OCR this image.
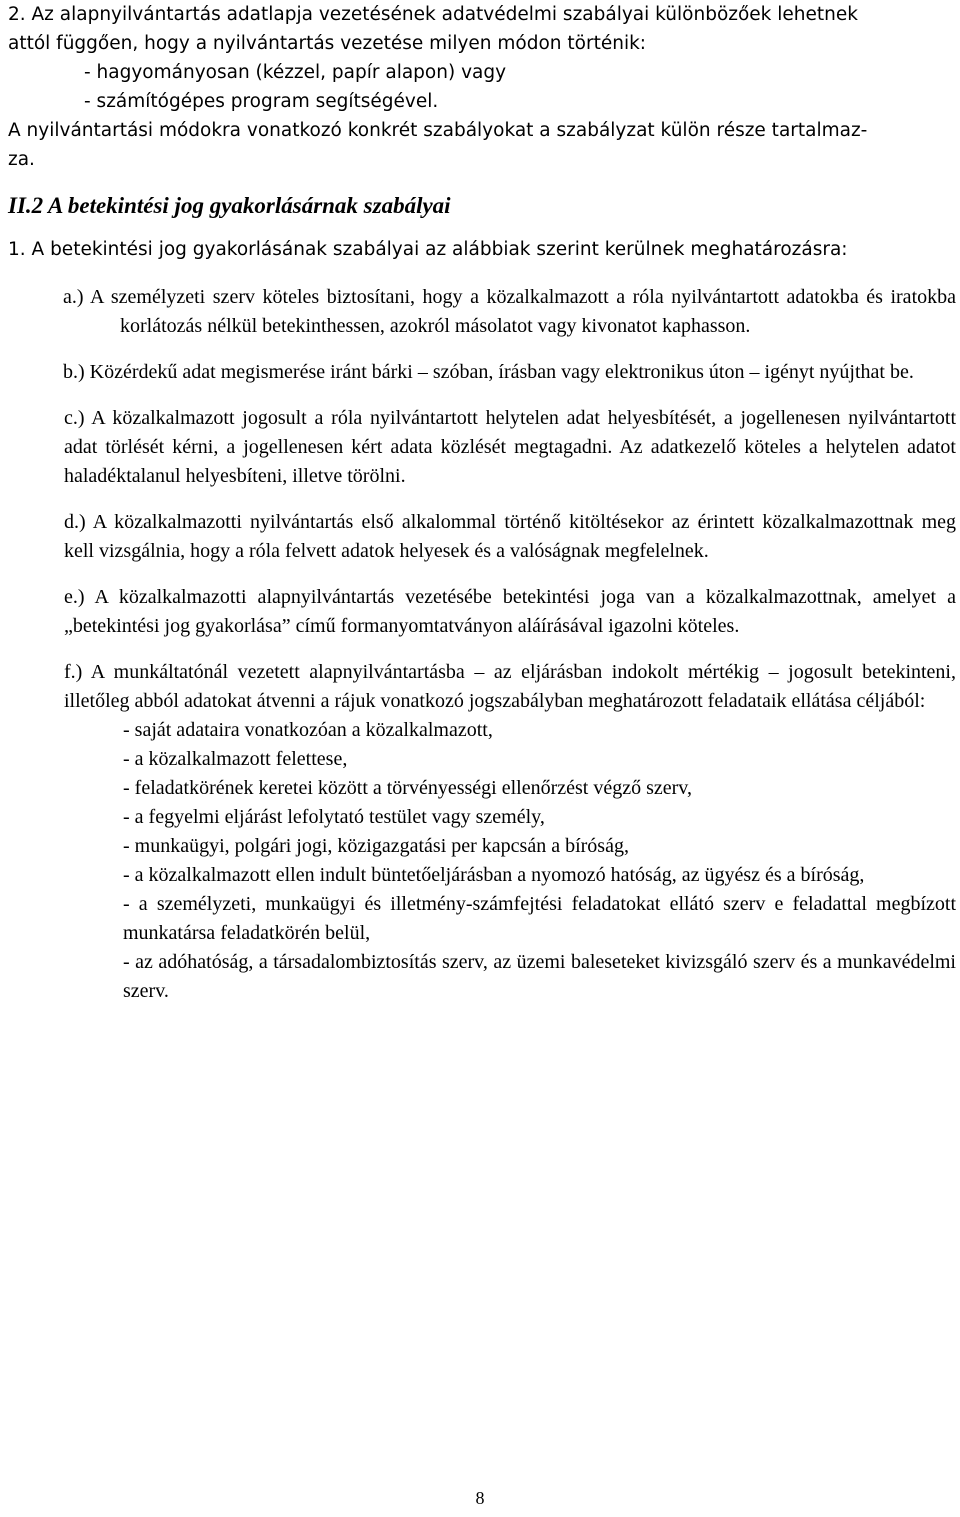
2. Az alapnyilvántartás adatlapja vezetésének adatvédelmi szabályai különbözőek lehetnek
attól függően, hogy a nyilvántartás vezetése milyen módon történik:
- hagyományosan (kézzel, papír alapon) vagy
- számítógépes program segítségével.
A nyilvántartási módokra vonatkozó konkrét szabályokat a szabályzat külön része tartalmaz-
za.
II.2 A betekintési jog gyakorlásárnak szabályai
1. A betekintési jog gyakorlásának szabályai az alábbiak szerint kerülnek meghatározásra:

a.) A személyzeti szerv köteles biztosítani, hogy a közalkalmazott a róla nyilvántartott adatokba és iratokba korlátozás nélkül betekinthessen, azokról másolatot vagy kivonatot kaphasson.

b.) Közérdekű adat megismerése iránt bárki – szóban, írásban vagy elektronikus úton – igényt nyújthat be.

c.) A közalkalmazott jogosult a róla nyilvántartott helytelen adat helyesbítését, a jogellenesen nyilvántartott adat törlését kérni, a jogellenesen kért adata közlését megtagadni. Az adatkezelő köteles a helytelen adatot haladéktalanul helyesbíteni, illetve törölni.

d.) A közalkalmazotti nyilvántartás első alkalommal történő kitöltésekor az érintett közalkalmazottnak meg kell vizsgálnia, hogy a róla felvett adatok helyesek és a valóságnak megfelelnek.

e.) A közalkalmazotti alapnyilvántartás vezetésébe betekintési joga van a közalkalmazottnak, amelyet a „betekintési jog gyakorlása” című formanyomtatványon aláírásával igazolni köteles.

f.) A munkáltatónál vezetett alapnyilvántartásba – az eljárásban indokolt mértékig – jogosult betekinteni, illetőleg abból adatokat átvenni a rájuk vonatkozó jogszabályban meghatározott feladataik ellátása céljából:

- saját adataira vonatkozóan a közalkalmazott,
- a közalkalmazott felettese,
- feladatkörének keretei között a törvényességi ellenőrzést végző szerv,
- a fegyelmi eljárást lefolytató testület vagy személy,
- munkaügyi, polgári jogi, közigazgatási per kapcsán a bíróság,
- a közalkalmazott ellen indult büntetőeljárásban a nyomozó hatóság, az ügyész és a bíróság,
- a személyzeti, munkaügyi és illetmény-számfejtési feladatokat ellátó szerv e feladattal megbízott munkatársa feladatkörén belül,
- az adóhatóság, a társadalombiztosítás szerv, az üzemi baleseteket kivizsgáló szerv és a munkavédelmi szerv.
8
